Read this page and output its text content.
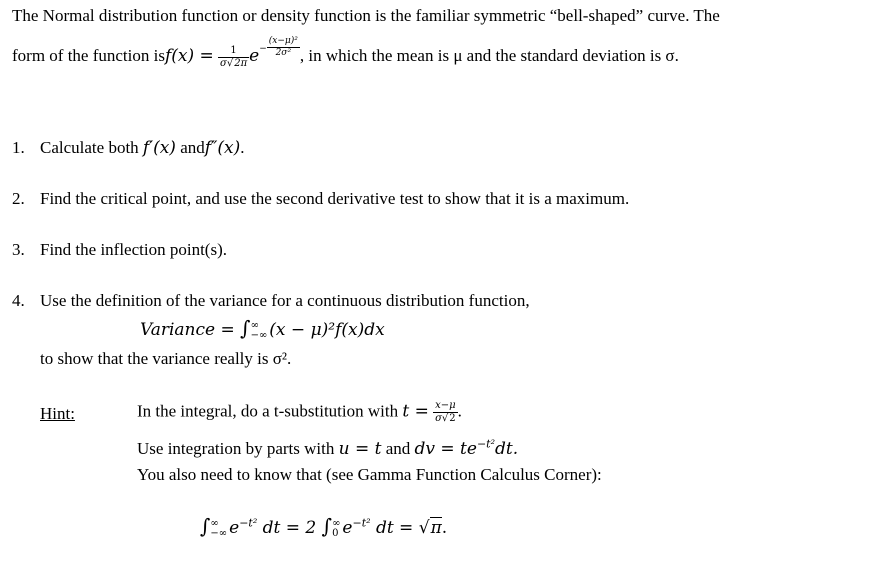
The Normal distribution function or density function is the familiar symmetric “bell-shaped” curve. The
form of the function $isf(x) = \frac{1}{\sigma√2\pi} e- \frac{\text{(x−μ)²}}{\text{2σ²}}$ , in which the mean is μ and the standard deviation is σ.
1. Calculate both f′(x) andf″(x).
2. Find the critical point, and use the second derivative test to show that it is a maximum.
3. Find the inflection point(s).
4. Use the definition of the variance for a continuous distribution function,
Variance = ∫ ∞
−∞ (x − μ)²f(x)dx
to show that the variance really is σ².
Hint:	In the integral, do a t-substitution with $t = \frac{x-\mu}{\sigma√2}$ .
Use integration by parts with u = t and dv = $te^{-t^2}dt$.
You also need to know that (see Gamma Function Calculus Corner):
∫ ∞
−∞ $e^{-t^2}$ dt = 2 ∫ ∞
0 $e^{-t^2}$ dt = √π.
